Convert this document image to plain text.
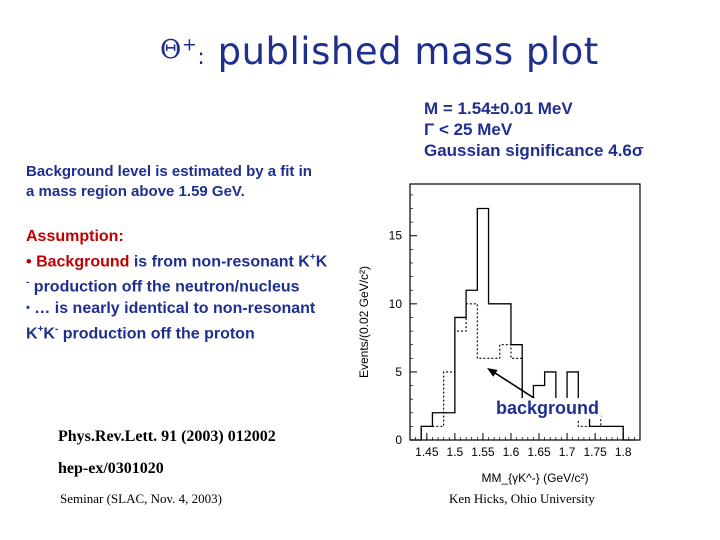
Θ+: published mass plot
M = 1.54±0.01 MeV
Γ < 25 MeV
Gaussian significance 4.6σ
Background level is estimated by a fit in
a mass region above 1.59 GeV.
Assumption:
• Background is from non-resonant K+K
- production off the neutron/nucleus
• … is nearly identical to non-resonant
K+K- production off the proton
Phys.Rev.Lett. 91 (2003) 012002
hep-ex/0301020
Seminar (SLAC, Nov. 4, 2003)	Ken Hicks, Ohio University
background
1.45 1.5 1.55 1.6 1.65 1.7 1.75 1.8
0
5
10
15
Events/(0.02 GeV/c²)
MM_{γK^-} (GeV/c²)
